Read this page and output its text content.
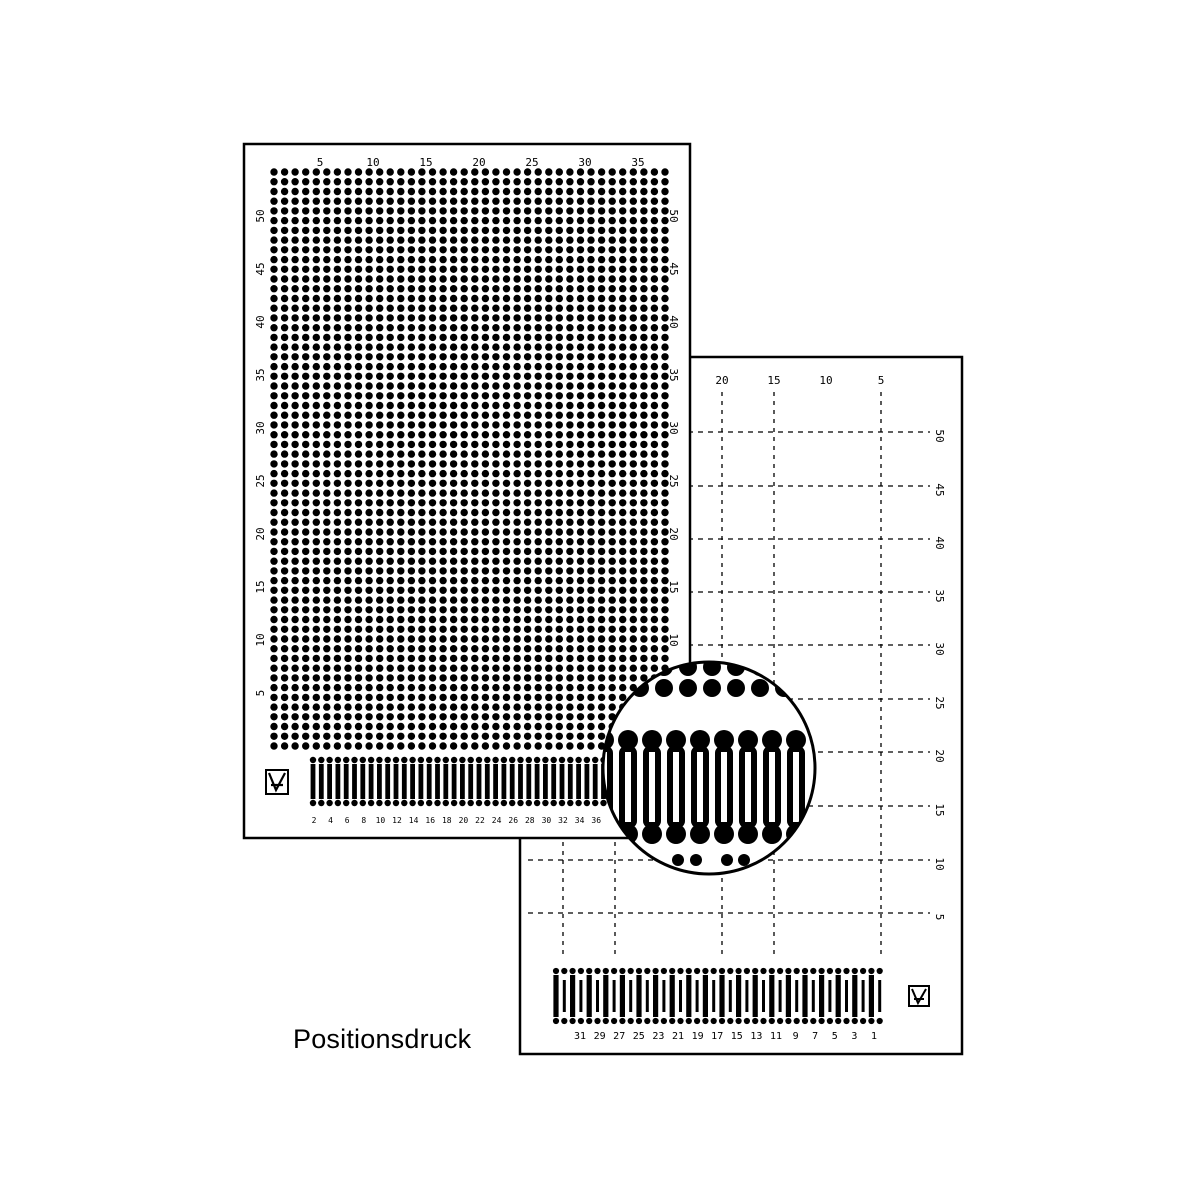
20	15	10	5
50
45
40
35
30
25
20
15
10
5
31 29 27 25 23 21 19 17 15 13 11 9 7 5 3 1
5	10	15	20	25	30	35
50
45
40
35
30
25
20
15
10
5
50
45
40
35
30
25
20
15
10
2 4 6 8 10 12 14 16 18 20 22 24 26 28 30 32 34 36
Positionsdruck
